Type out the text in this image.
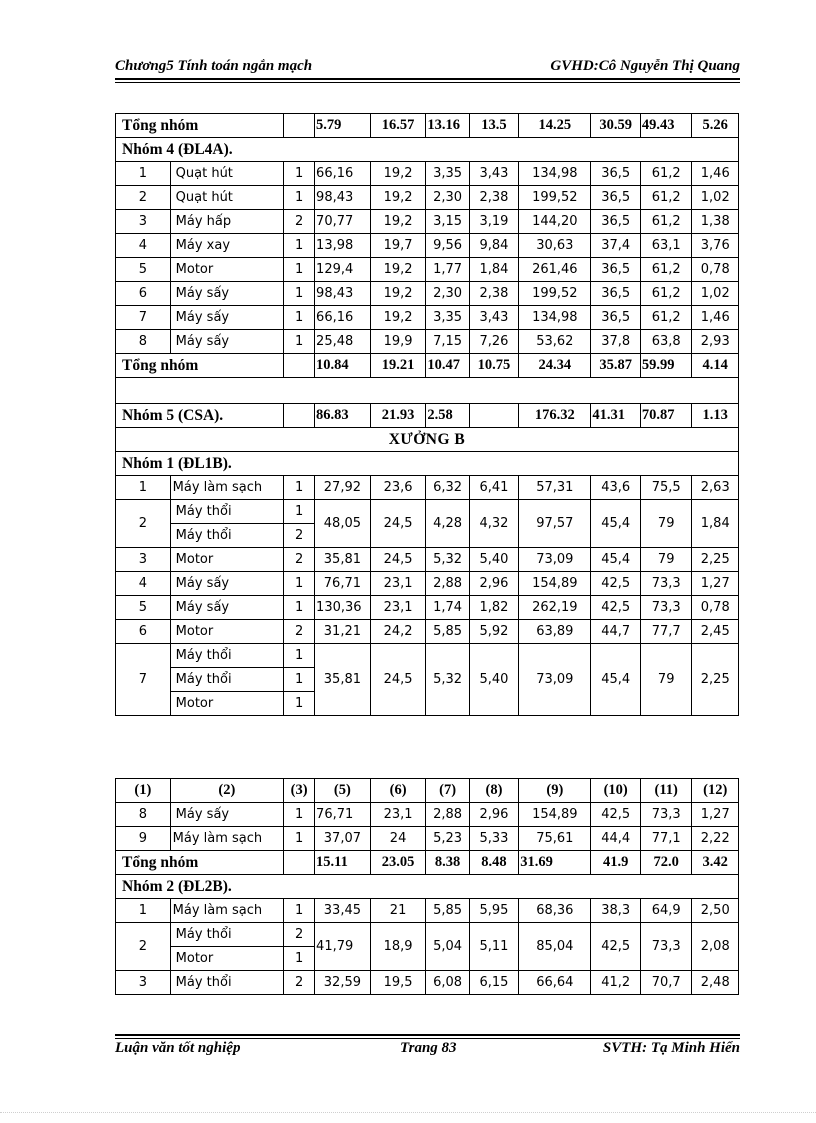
Chương5 Tính toán ngắn mạch	GVHD:Cô Nguyễn Thị Quang
Tổng nhóm			5.79	16.57	13.16	13.5	14.25	30.59	49.43	5.26
Nhóm 4 (ĐL4A).										
1	Quạt hút	1	66,16	19,2	3,35	3,43	134,98	36,5	61,2	1,46
2	Quạt hút	1	98,43	19,2	2,30	2,38	199,52	36,5	61,2	1,02
3	Máy hấp	2	70,77	19,2	3,15	3,19	144,20	36,5	61,2	1,38
4	Máy xay	1	13,98	19,7	9,56	9,84	30,63	37,4	63,1	3,76
5	Motor	1	129,4	19,2	1,77	1,84	261,46	36,5	61,2	0,78
6	Máy sấy	1	98,43	19,2	2,30	2,38	199,52	36,5	61,2	1,02
7	Máy sấy	1	66,16	19,2	3,35	3,43	134,98	36,5	61,2	1,46
8	Máy sấy	1	25,48	19,9	7,15	7,26	53,62	37,8	63,8	2,93
Tổng nhóm			10.84	19.21	10.47	10.75	24.34	35.87	59.99	4.14

Nhóm 5 (CSA).			86.83	21.93	2.58		176.32	41.31	70.87	1.13
XƯỞNG B										
Nhóm 1 (ĐL1B).										
1	Máy làm sạch	1	27,92	23,6	6,32	6,41	57,31	43,6	75,5	2,63
2	Máy thổi	1	48,05	24,5	4,28	4,32	97,57	45,4	79	1,84
	Máy thổi	2								
3	Motor	2	35,81	24,5	5,32	5,40	73,09	45,4	79	2,25
4	Máy sấy	1	76,71	23,1	2,88	2,96	154,89	42,5	73,3	1,27
5	Máy sấy	1	130,36	23,1	1,74	1,82	262,19	42,5	73,3	0,78
6	Motor	2	31,21	24,2	5,85	5,92	63,89	44,7	77,7	2,45
7	Máy thổi	1	35,81	24,5	5,32	5,40	73,09	45,4	79	2,25
	Máy thổi	1								
	Motor	1								
(1)	(2)	(3)	(5)	(6)	(7)	(8)	(9)	(10)	(11)	(12)
8	Máy sấy	1	76,71	23,1	2,88	2,96	154,89	42,5	73,3	1,27
9	Máy làm sạch	1	37,07	24	5,23	5,33	75,61	44,4	77,1	2,22
Tổng nhóm			15.11	23.05	8.38	8.48	31.69	41.9	72.0	3.42
Nhóm 2 (ĐL2B).										
1	Máy làm sạch	1	33,45	21	5,85	5,95	68,36	38,3	64,9	2,50
2	Máy thổi	2	41,79	18,9	5,04	5,11	85,04	42,5	73,3	2,08
	Motor	1								
3	Máy thổi	2	32,59	19,5	6,08	6,15	66,64	41,2	70,7	2,48
Luận văn tốt nghiệp	Trang 83	SVTH: Tạ Minh Hiển
